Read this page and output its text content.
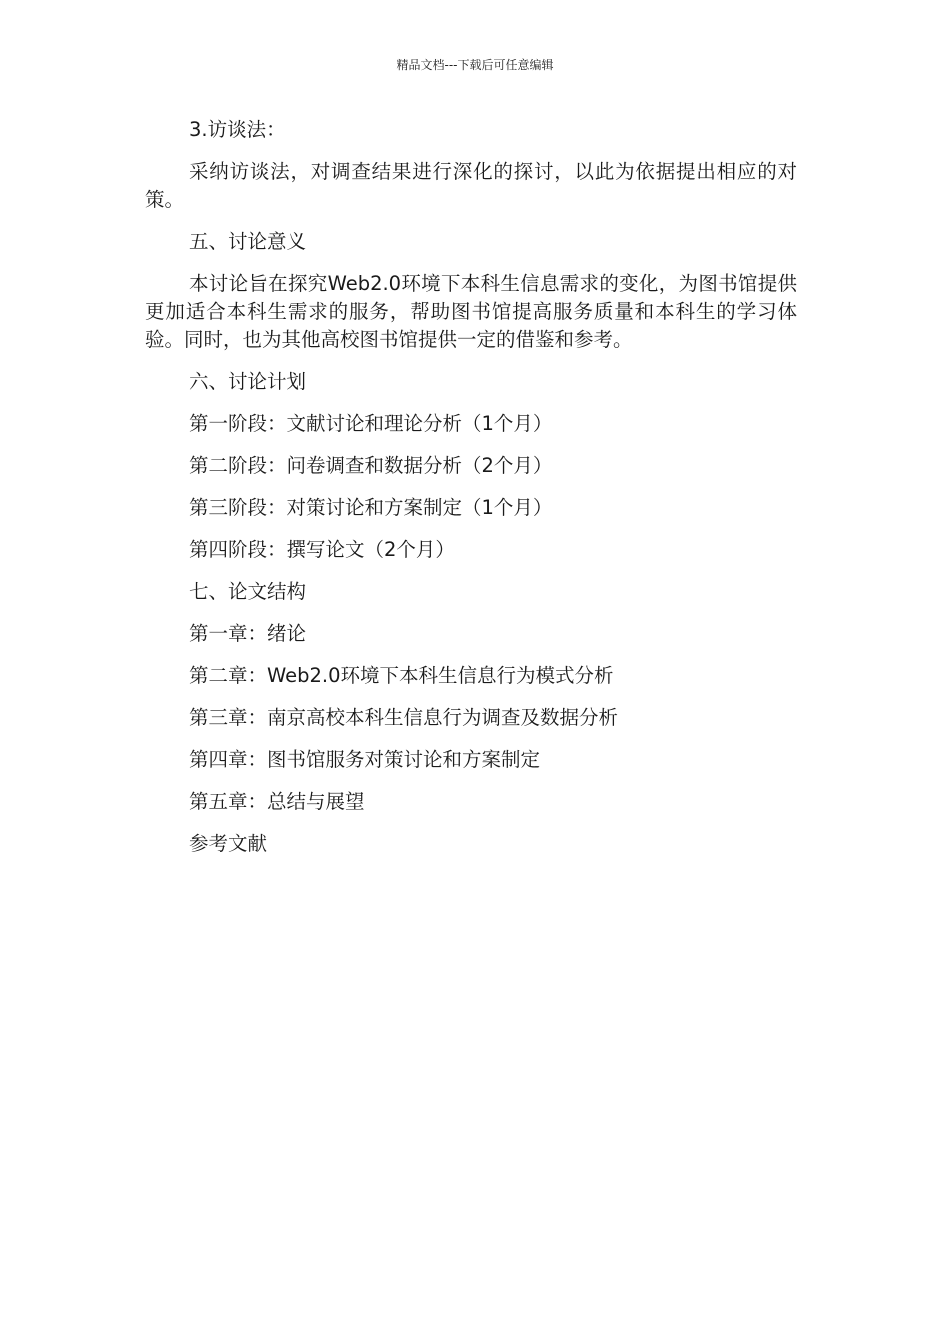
精品文档---下载后可任意编辑

3.访谈法：

采纳访谈法，对调查结果进行深化的探讨，以此为依据提出相应的对策。

五、讨论意义

本讨论旨在探究Web2.0环境下本科生信息需求的变化，为图书馆提供更加适合本科生需求的服务，帮助图书馆提高服务质量和本科生的学习体验。同时，也为其他高校图书馆提供一定的借鉴和参考。

六、讨论计划

第一阶段：文献讨论和理论分析（1个月）

第二阶段：问卷调查和数据分析（2个月）

第三阶段：对策讨论和方案制定（1个月）

第四阶段：撰写论文（2个月）

七、论文结构

第一章：绪论

第二章：Web2.0环境下本科生信息行为模式分析

第三章：南京高校本科生信息行为调查及数据分析

第四章：图书馆服务对策讨论和方案制定

第五章：总结与展望

参考文献
